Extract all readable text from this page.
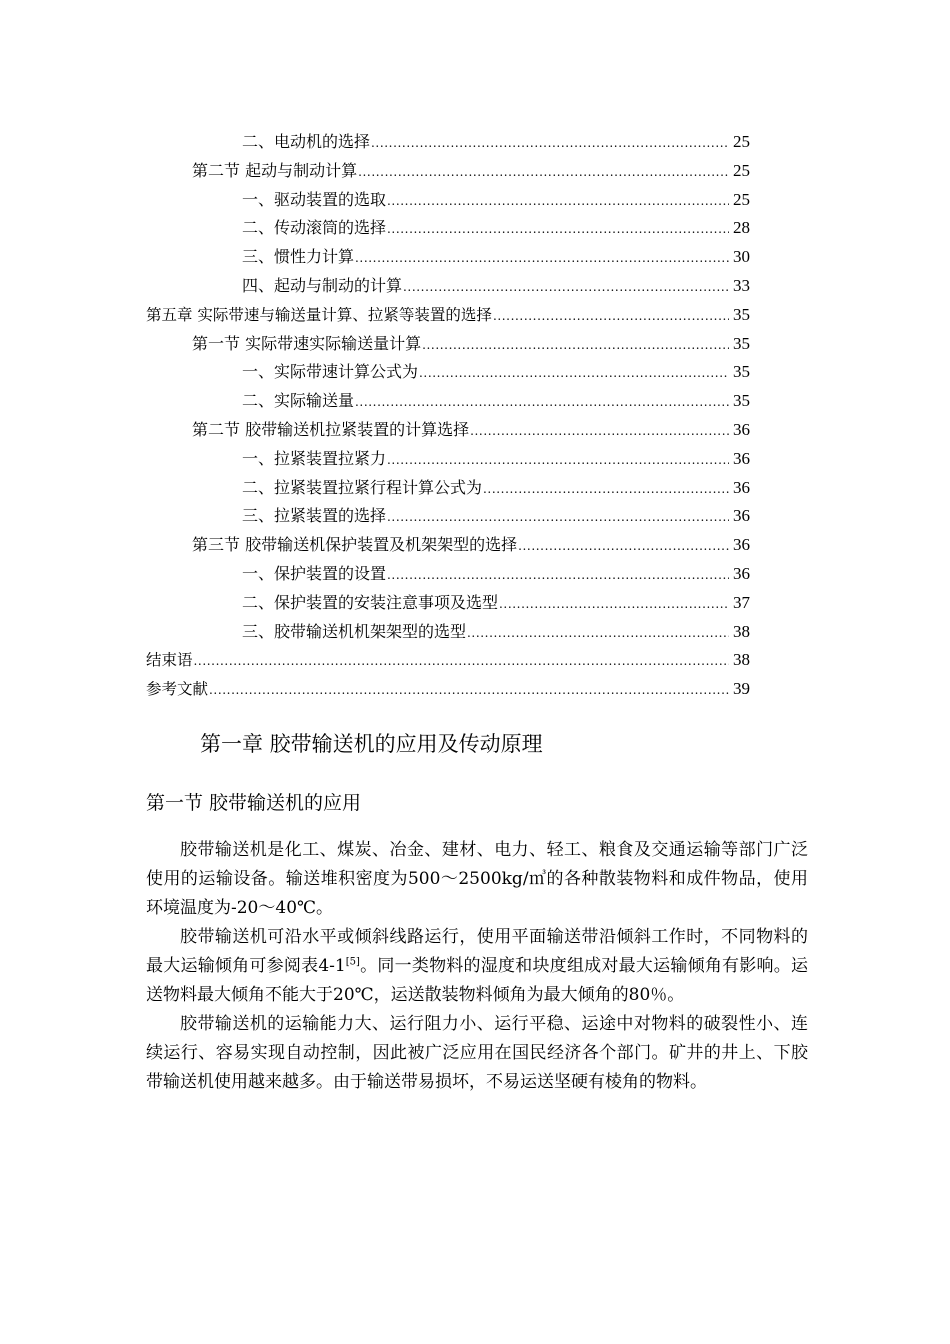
二、电动机的选择 .....	25
第二节 起动与制动计算 .....	25
一、驱动装置的选取 .....	25
二、传动滚筒的选择 .....	28
三、惯性力计算 .....	30
四、起动与制动的计算 .....	33
第五章 实际带速与输送量计算、拉紧等装置的选择 .....	35
第一节 实际带速实际输送量计算 .....	35
一、实际带速计算公式为 .....	35
二、实际输送量 .....	35
第二节 胶带输送机拉紧装置的计算选择 .....	36
一、拉紧装置拉紧力 .....	36
二、拉紧装置拉紧行程计算公式为 .....	36
三、拉紧装置的选择 .....	36
第三节 胶带输送机保护装置及机架架型的选择 .....	36
一、保护装置的设置 .....	36
二、保护装置的安装注意事项及选型 .....	37
三、胶带输送机机架架型的选型 .....	38
结束语 .....	38
参考文献 .....	39
第一章 胶带输送机的应用及传动原理
第一节 胶带输送机的应用

胶带输送机是化工、煤炭、冶金、建材、电力、轻工、粮食及交通运输等部门广泛使用的运输设备。输送堆积密度为500～2500kg/㎥的各种散装物料和成件物品，使用环境温度为-20～40℃。

胶带输送机可沿水平或倾斜线路运行，使用平面输送带沿倾斜工作时，不同物料的最大运输倾角可参阅表4-1[5]。同一类物料的湿度和块度组成对最大运输倾角有影响。运送物料最大倾角不能大于20℃，运送散装物料倾角为最大倾角的80％。

胶带输送机的运输能力大、运行阻力小、运行平稳、运途中对物料的破裂性小、连续运行、容易实现自动控制，因此被广泛应用在国民经济各个部门。矿井的井上、下胶带输送机使用越来越多。由于输送带易损坏，不易运送坚硬有棱角的物料。
